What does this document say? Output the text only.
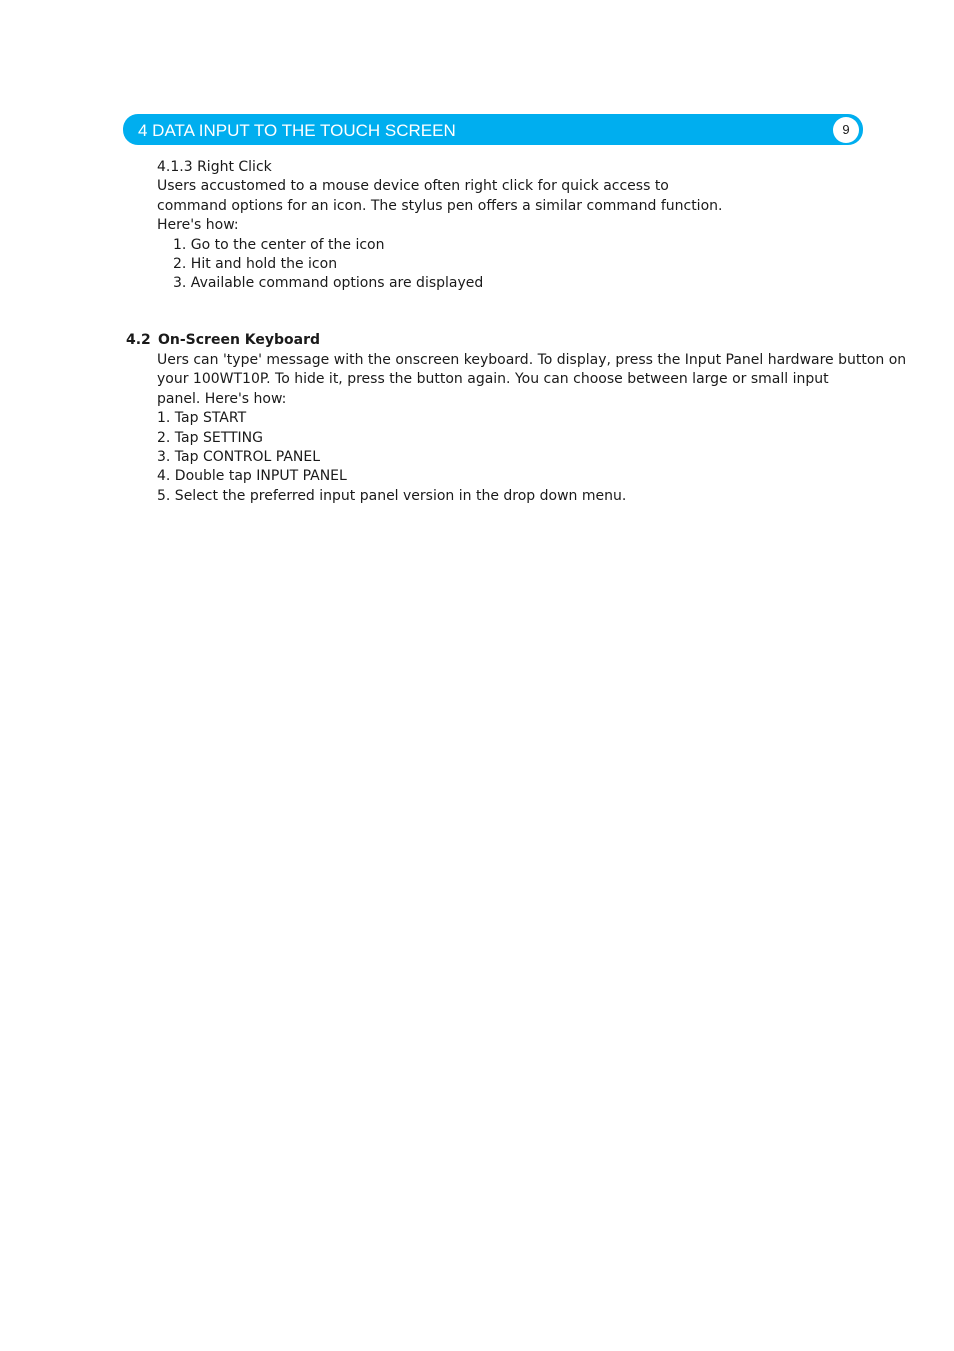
4 DATA INPUT TO THE TOUCH SCREEN	9
4.1.3 Right Click
Users accustomed to a mouse device often right click for quick access to
command options for an icon. The stylus pen offers a similar command function.
Here's how:
1. Go to the center of the icon
2. Hit and hold the icon
3. Available command options are displayed
4.2 On-Screen Keyboard
Uers can 'type' message with the onscreen keyboard. To display, press the Input Panel hardware button on
your 100WT10P. To hide it, press the button again. You can choose between large or small input
panel. Here's how:
1. Tap START
2. Tap SETTING
3. Tap CONTROL PANEL
4. Double tap INPUT PANEL
5. Select the preferred input panel version in the drop down menu.
